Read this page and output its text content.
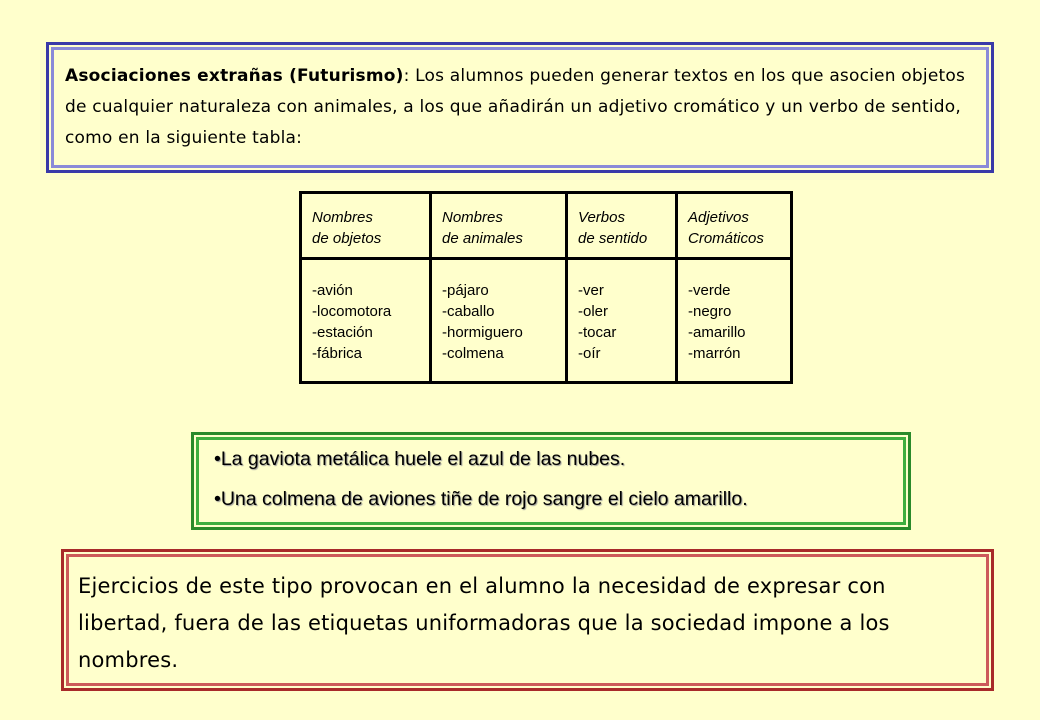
Asociaciones extrañas (Futurismo): Los alumnos pueden generar textos en los que asocien objetos de cualquier naturaleza con animales, a los que añadirán un adjetivo cromático y un verbo de sentido, como en la siguiente tabla:
Nombres
de objetos
-avión
-locomotora
-estación
-fábrica
Nombres
de animales
-pájaro
-caballo
-hormiguero
-colmena
Verbos
de sentido
-ver
-oler
-tocar
-oír
Adjetivos
Cromáticos
-verde
-negro
-amarillo
-marrón
•La gaviota metálica huele el azul de las nubes.
•Una colmena de aviones tiñe de rojo sangre el cielo amarillo.
Ejercicios de este tipo provocan en el alumno la necesidad de expresar con libertad, fuera de las etiquetas uniformadoras que la sociedad impone a los nombres.
